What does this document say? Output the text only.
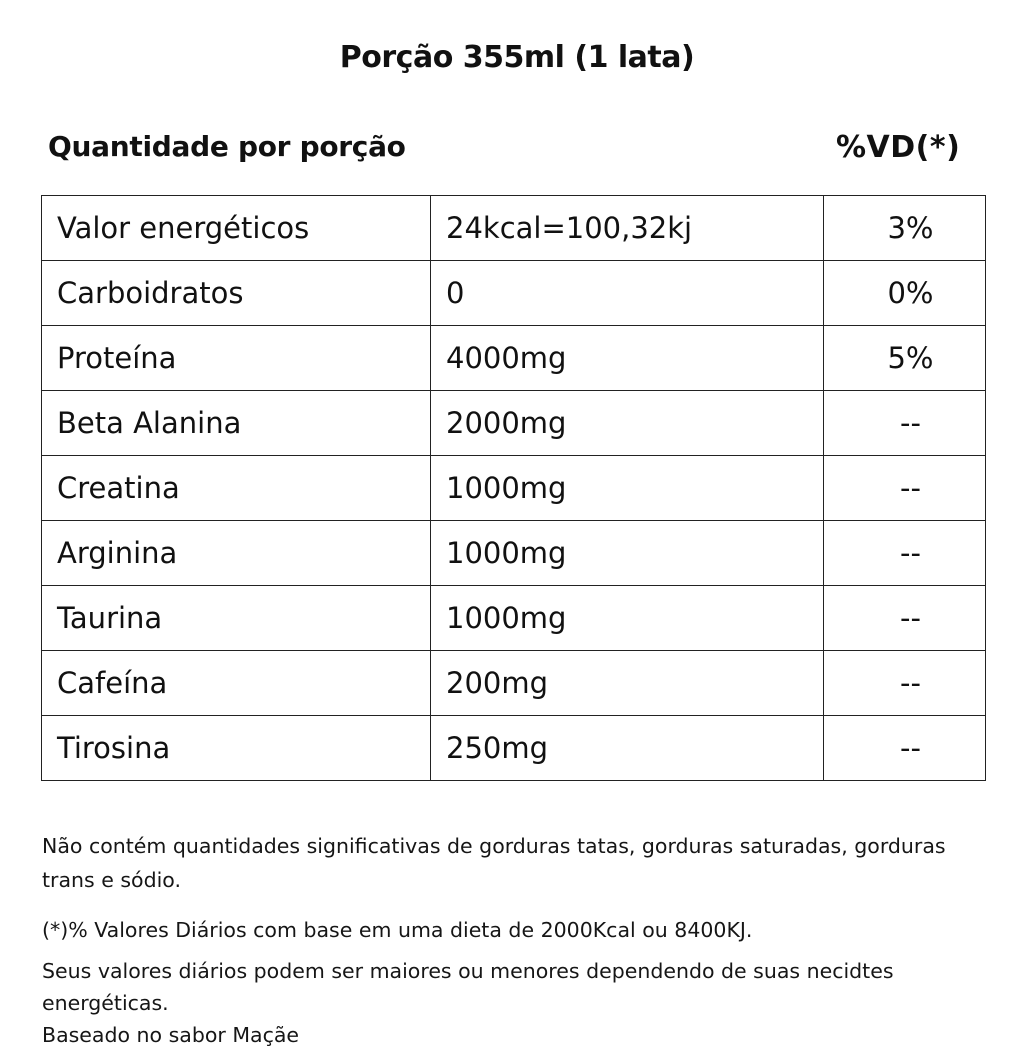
Porção 355ml (1 lata)
Quantidade por porção	%VD(*)
Valor energéticos	24kcal=100,32kj	3%
Carboidratos	0	0%
Proteína	4000mg	5%
Beta Alanina	2000mg	--
Creatina	1000mg	--
Arginina	1000mg	--
Taurina	1000mg	--
Cafeína	200mg	--
Tirosina	250mg	--
Não contém quantidades significativas de gorduras tatas, gorduras saturadas, gorduras trans e sódio.
(*)% Valores Diários com base em uma dieta de 2000Kcal ou 8400KJ.
Seus valores diários podem ser maiores ou menores dependendo de suas necidtes energéticas.
Baseado no sabor Maçãe
